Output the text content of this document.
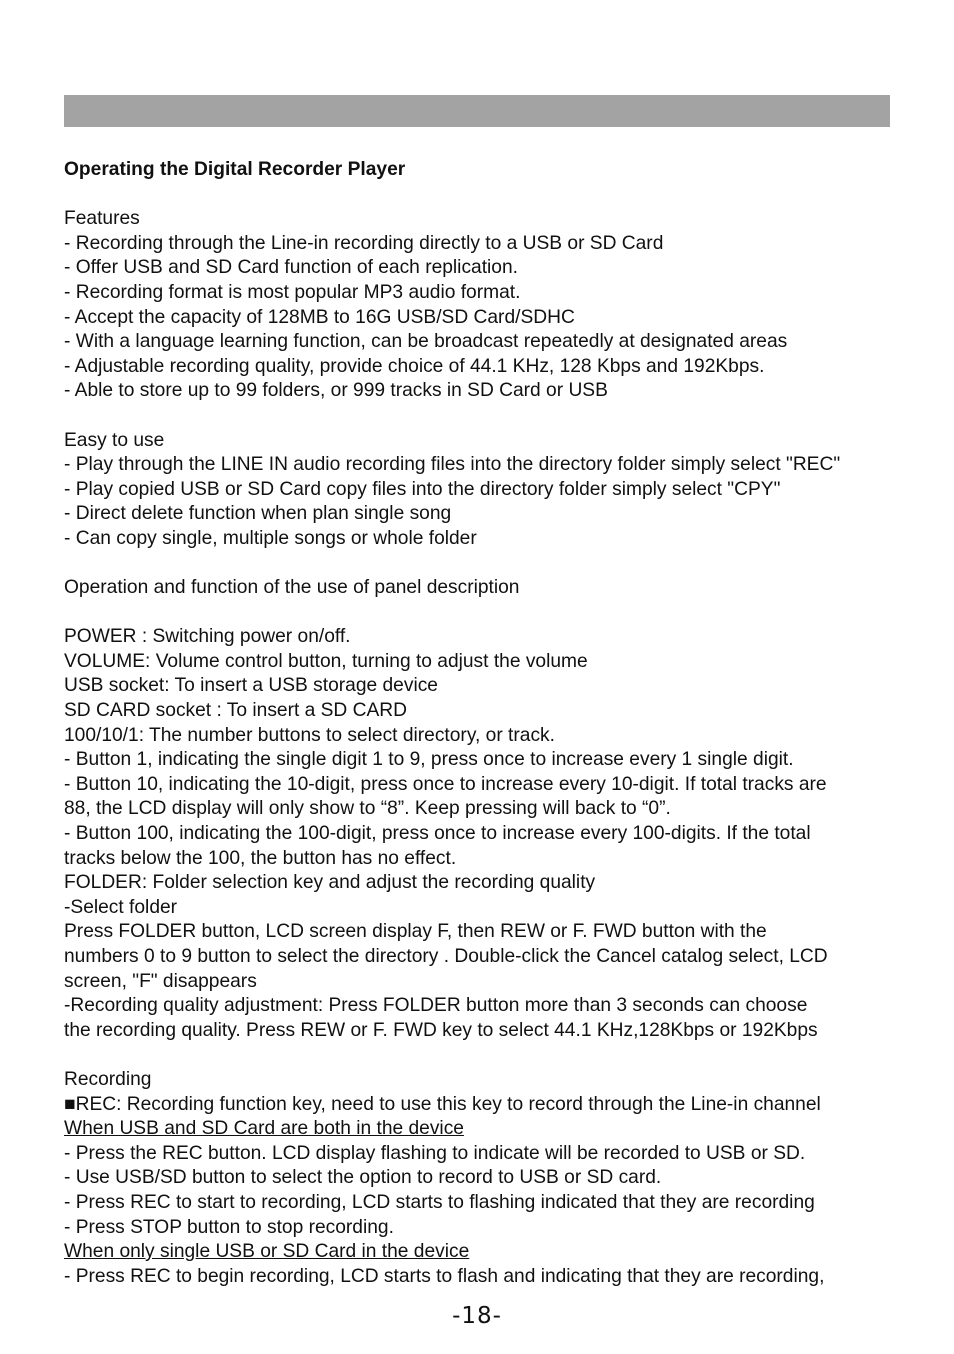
Operating the Digital Recorder Player
Features
- Recording through the Line-in recording directly to a USB or SD Card
- Offer USB and SD Card function of each replication.
- Recording format is most popular MP3 audio format.
- Accept the capacity of 128MB to 16G USB/SD Card/SDHC
- With a language learning function, can be broadcast repeatedly at designated areas
- Adjustable recording quality, provide choice of 44.1 KHz, 128 Kbps and 192Kbps.
- Able to store up to 99 folders, or 999 tracks in SD Card or USB
Easy to use
- Play through the LINE IN audio recording files into the directory folder simply select "REC"
- Play copied USB or SD Card copy files into the directory folder simply select "CPY"
- Direct delete function when plan single song
- Can copy single, multiple songs or whole folder
Operation and function of the use of panel description
POWER : Switching power on/off.
VOLUME: Volume control button, turning to adjust the volume
USB socket: To insert a USB storage device
SD CARD socket : To insert a SD CARD
100/10/1: The number buttons to select directory, or track.
- Button 1, indicating the single digit 1 to 9, press once to increase every 1 single digit.
- Button 10, indicating the 10-digit, press once to increase every 10-digit. If total tracks are
88, the LCD display will only show to “8”. Keep pressing will back to “0”.
- Button 100, indicating the 100-digit, press once to increase every 100-digits. If the total
tracks below the 100, the button has no effect.
FOLDER: Folder selection key and adjust the recording quality
-Select folder
Press FOLDER button, LCD screen display F, then REW or F. FWD button with the
numbers 0 to 9 button to select the directory . Double-click the Cancel catalog select, LCD
screen, "F" disappears
-Recording quality adjustment: Press FOLDER button more than 3 seconds can choose
the recording quality. Press REW or F. FWD key to select 44.1 KHz,128Kbps or 192Kbps
Recording
■REC: Recording function key, need to use this key to record through the Line-in channel
When USB and SD Card are both in the device
- Press the REC button. LCD display flashing to indicate will be recorded to USB or SD.
- Use USB/SD button to select the option to record to USB or SD card.
- Press REC to start to recording, LCD starts to flashing indicated that they are recording
- Press STOP button to stop recording.
When only single USB or SD Card in the device
- Press REC to begin recording, LCD starts to flash and indicating that they are recording,
-18-
